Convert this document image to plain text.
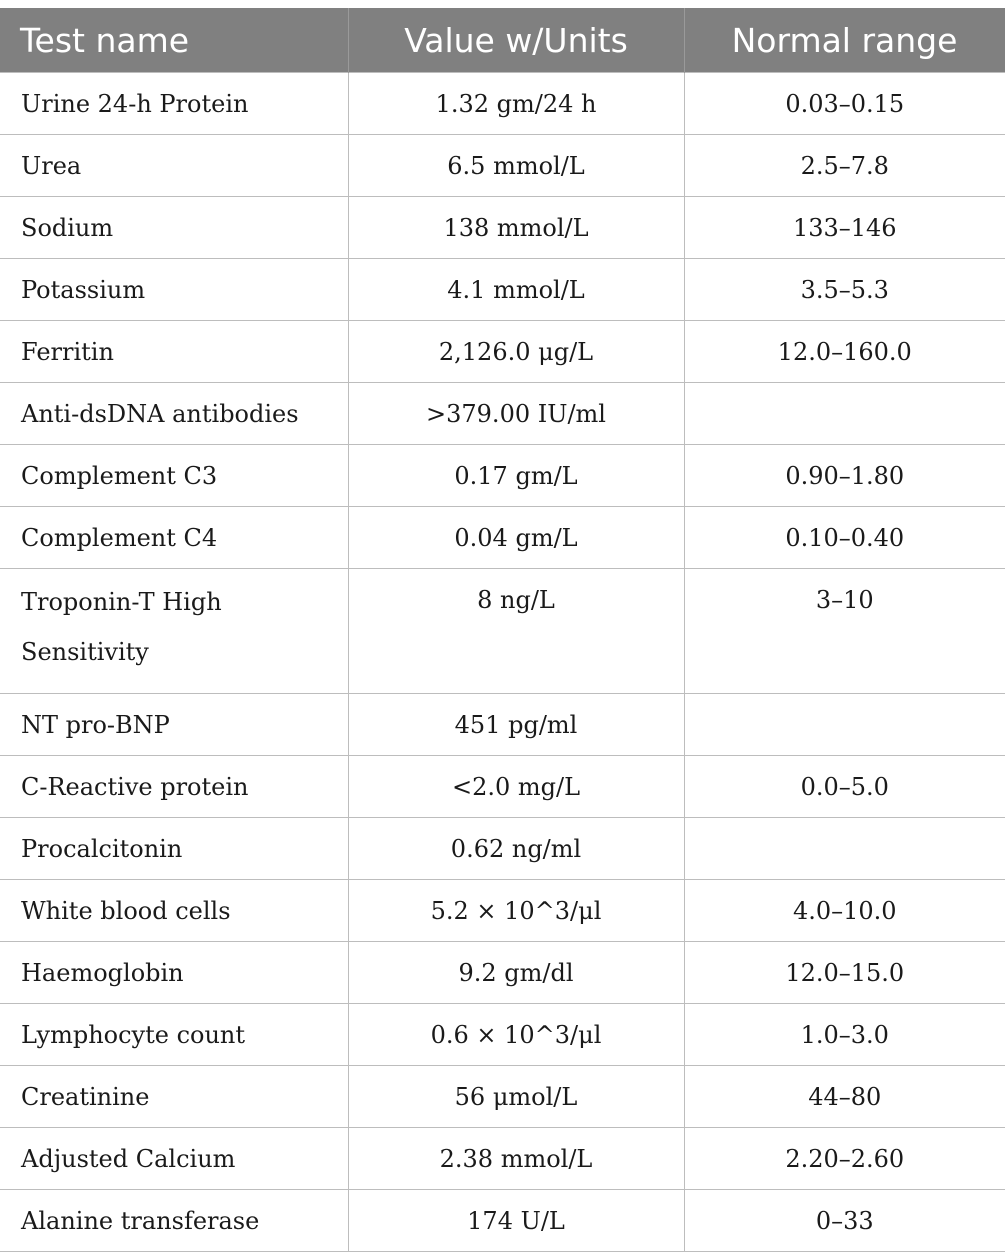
Test name	Value w/Units	Normal range
Urine 24-h Protein	1.32 gm/24 h	0.03–0.15
Urea	6.5 mmol/L	2.5–7.8
Sodium	138 mmol/L	133–146
Potassium	4.1 mmol/L	3.5–5.3
Ferritin	2,126.0 μg/L	12.0–160.0
Anti-dsDNA antibodies	>379.00 IU/ml	
Complement C3	0.17 gm/L	0.90–1.80
Complement C4	0.04 gm/L	0.10–0.40
Troponin-T High Sensitivity	8 ng/L	3–10
NT pro-BNP	451 pg/ml	
C-Reactive protein	<2.0 mg/L	0.0–5.0
Procalcitonin	0.62 ng/ml	
White blood cells	5.2 × 10^3/μl	4.0–10.0
Haemoglobin	9.2 gm/dl	12.0–15.0
Lymphocyte count	0.6 × 10^3/μl	1.0–3.0
Creatinine	56 μmol/L	44–80
Adjusted Calcium	2.38 mmol/L	2.20–2.60
Alanine transferase	174 U/L	0–33
